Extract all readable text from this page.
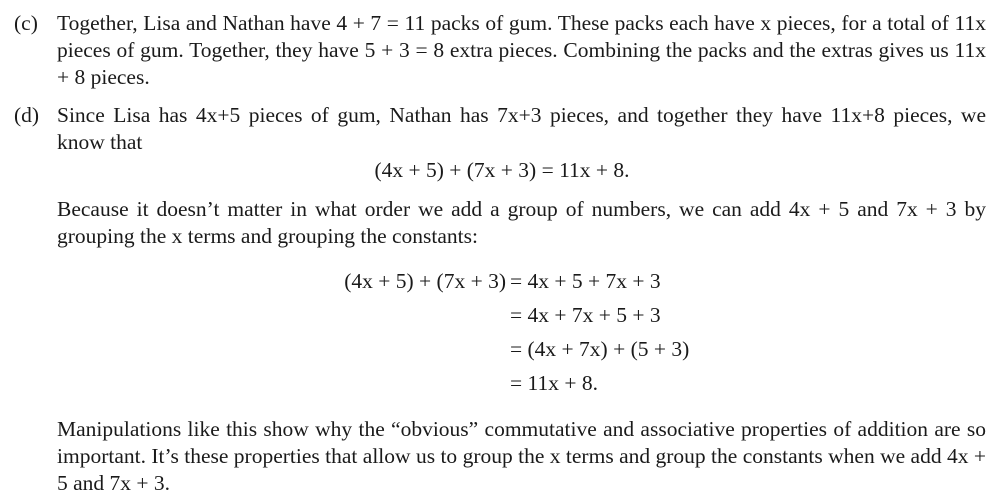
(c) Together, Lisa and Nathan have 4 + 7 = 11 packs of gum. These packs each have x pieces, for a total of 11x pieces of gum. Together, they have 5 + 3 = 8 extra pieces. Combining the packs and the extras gives us 11x + 8 pieces.
(d) Since Lisa has 4x+5 pieces of gum, Nathan has 7x+3 pieces, and together they have 11x+8 pieces, we know that
(4x + 5) + (7x + 3) = 11x + 8.
Because it doesn’t matter in what order we add a group of numbers, we can add 4x + 5 and 7x + 3 by grouping the x terms and grouping the constants:
(4x + 5) + (7x + 3) = 4x + 5 + 7x + 3
= 4x + 7x + 5 + 3
= (4x + 7x) + (5 + 3)
= 11x + 8.
Manipulations like this show why the “obvious” commutative and associative properties of addition are so important. It’s these properties that allow us to group the x terms and group the constants when we add 4x + 5 and 7x + 3.
